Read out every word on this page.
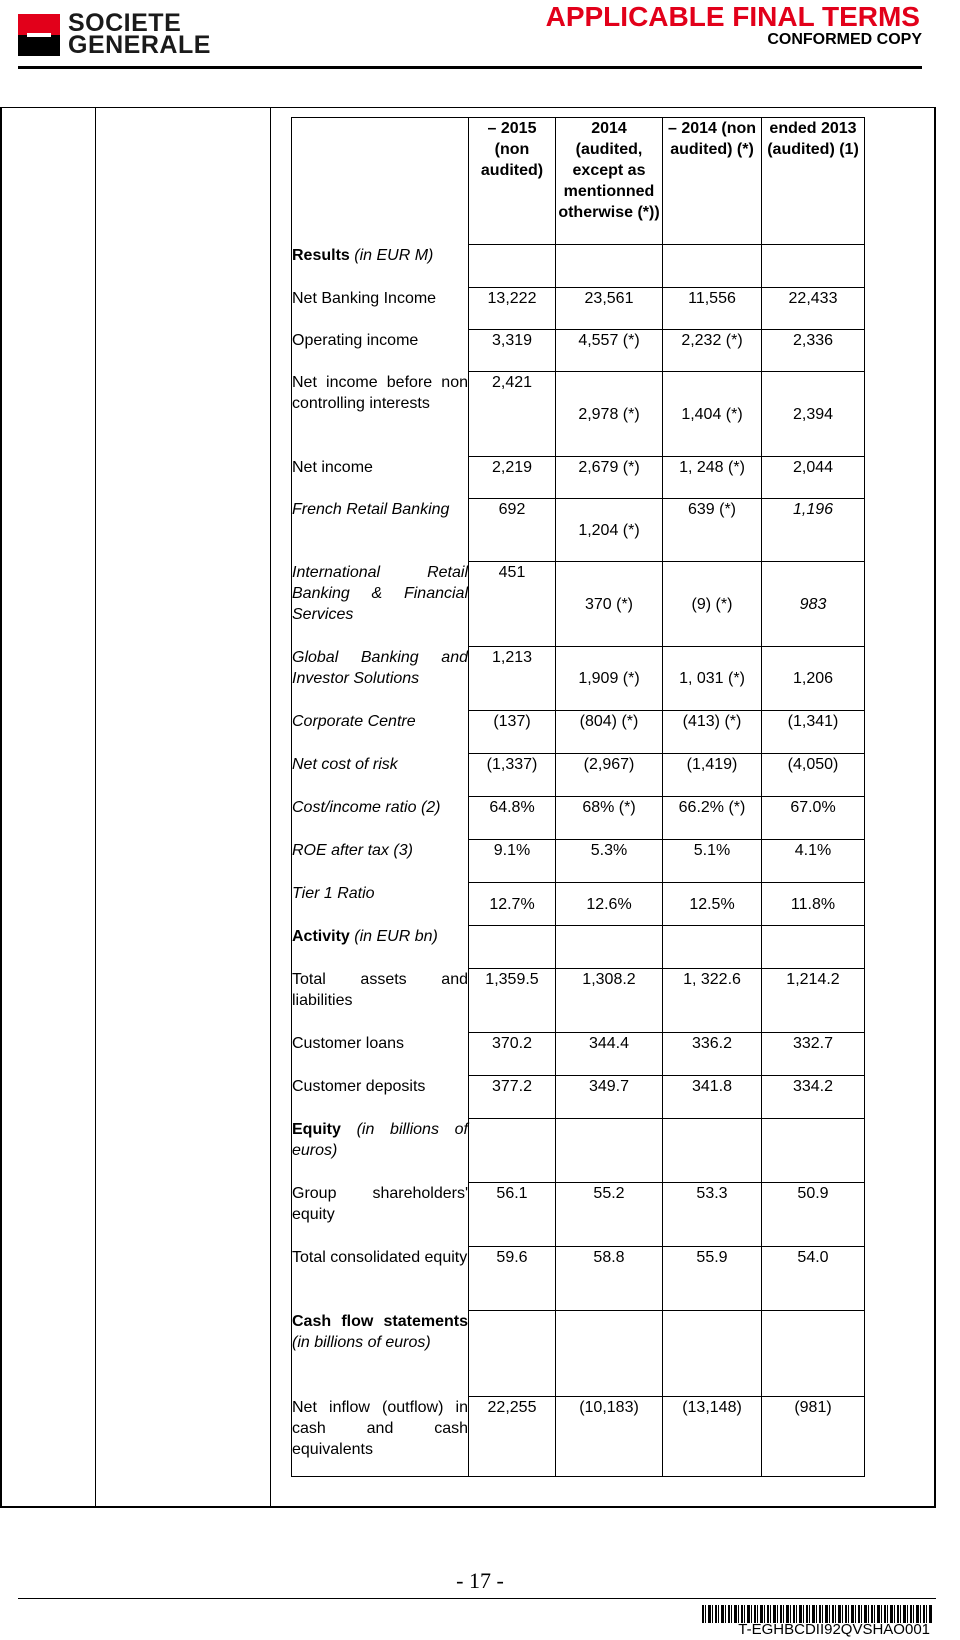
SOCIETE
GENERALE
APPLICABLE FINAL TERMS
CONFORMED COPY
	– 2015 (non audited)	2014 (audited, except as mentionned otherwise (*))	– 2014 (non audited) (*)	ended 2013 (audited) (1)
Results (in EUR M)				
Net Banking Income	13,222	23,561	11,556	22,433
Operating income	3,319	4,557 (*)	2,232 (*)	2,336
Net income before non controlling interests	2,421	2,978 (*)	1,404 (*)	2,394
Net income	2,219	2,679 (*)	1, 248 (*)	2,044
French Retail Banking	692	1,204 (*)	639 (*)	1,196
International Retail Banking & Financial Services	451	370 (*)	(9) (*)	983
Global Banking and Investor Solutions	1,213	1,909 (*)	1, 031 (*)	1,206
Corporate Centre	(137)	(804) (*)	(413) (*)	(1,341)
Net cost of risk	(1,337)	(2,967)	(1,419)	(4,050)
Cost/income ratio (2)	64.8%	68% (*)	66.2% (*)	67.0%
ROE after tax (3)	9.1%	5.3%	5.1%	4.1%
Tier 1 Ratio	12.7%	12.6%	12.5%	11.8%
Activity (in EUR bn)				
Total assets and liabilities	1,359.5	1,308.2	1, 322.6	1,214.2
Customer loans	370.2	344.4	336.2	332.7
Customer deposits	377.2	349.7	341.8	334.2
Equity (in billions of euros)				
Group shareholders' equity	56.1	55.2	53.3	50.9
Total consolidated equity	59.6	58.8	55.9	54.0
Cash flow statements (in billions of euros)				
Net inflow (outflow) in cash and cash equivalents	22,255	(10,183)	(13,148)	(981)
- 17 -
T-EGHBCDII92QVSHAO001
